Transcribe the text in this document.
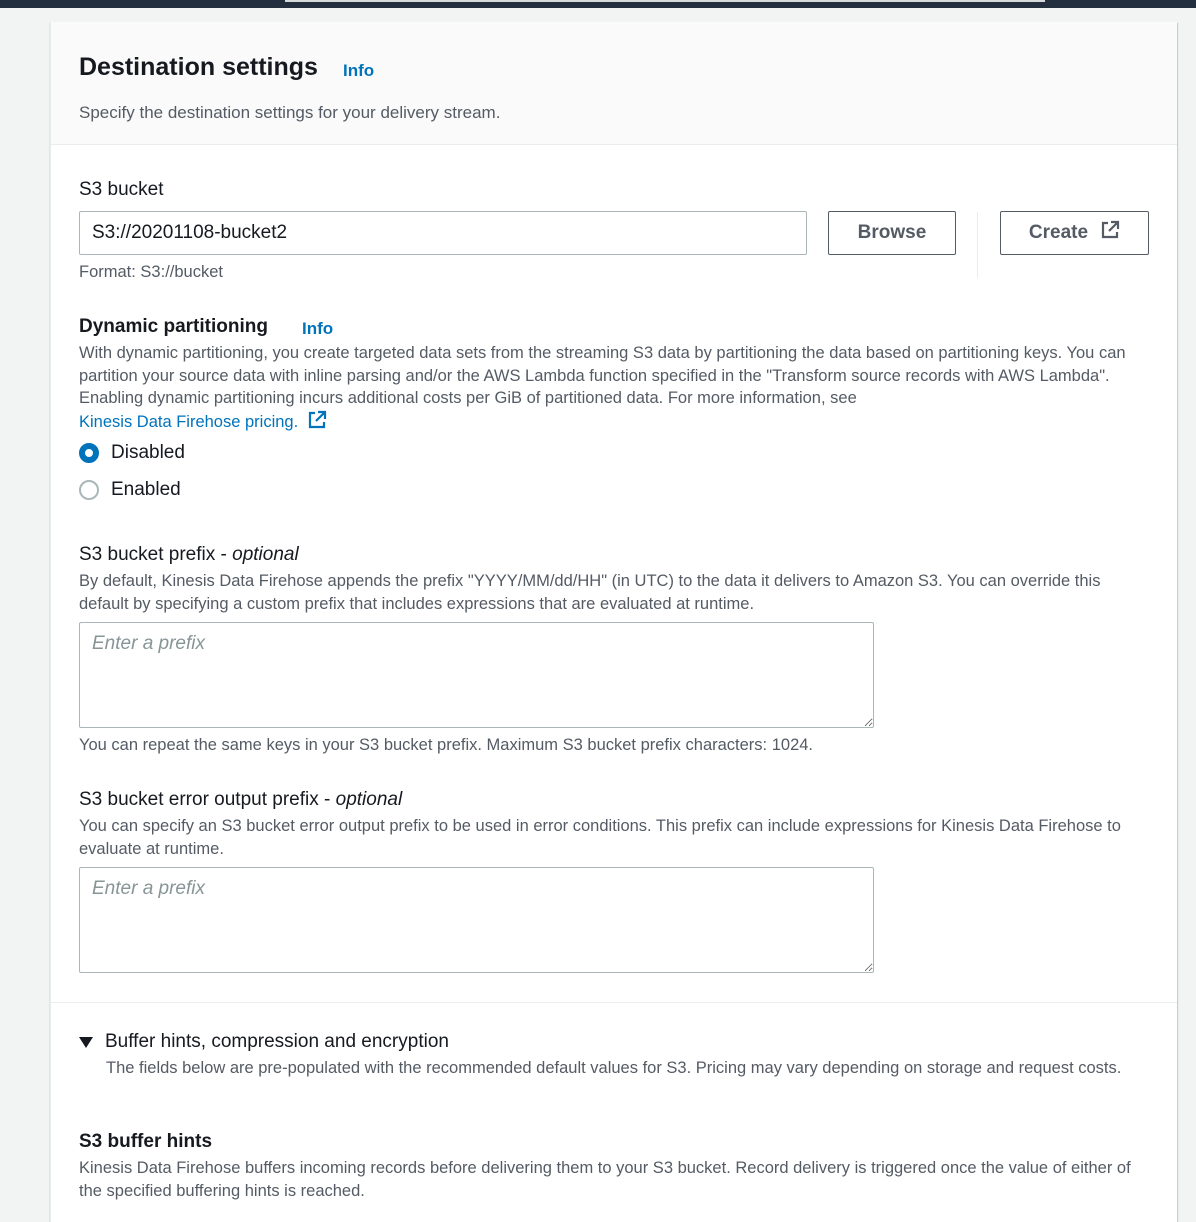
Destination settings Info
Specify the destination settings for your delivery stream.
S3 bucket
S3://20201108-bucket2
Browse	Create
Format: S3://bucket
Dynamic partitioning Info
With dynamic partitioning, you create targeted data sets from the streaming S3 data by partitioning the data based on partitioning keys. You can partition your source data with inline parsing and/or the AWS Lambda function specified in the "Transform source records with AWS Lambda". Enabling dynamic partitioning incurs additional costs per GiB of partitioned data. For more information, see
Kinesis Data Firehose pricing.
Disabled
Enabled
S3 bucket prefix - optional
By default, Kinesis Data Firehose appends the prefix "YYYY/MM/dd/HH" (in UTC) to the data it delivers to Amazon S3. You can override this default by specifying a custom prefix that includes expressions that are evaluated at runtime.
Enter a prefix
You can repeat the same keys in your S3 bucket prefix. Maximum S3 bucket prefix characters: 1024.
S3 bucket error output prefix - optional
You can specify an S3 bucket error output prefix to be used in error conditions. This prefix can include expressions for Kinesis Data Firehose to evaluate at runtime.
Enter a prefix
Buffer hints, compression and encryption
The fields below are pre-populated with the recommended default values for S3. Pricing may vary depending on storage and request costs.
S3 buffer hints
Kinesis Data Firehose buffers incoming records before delivering them to your S3 bucket. Record delivery is triggered once the value of either of the specified buffering hints is reached.
